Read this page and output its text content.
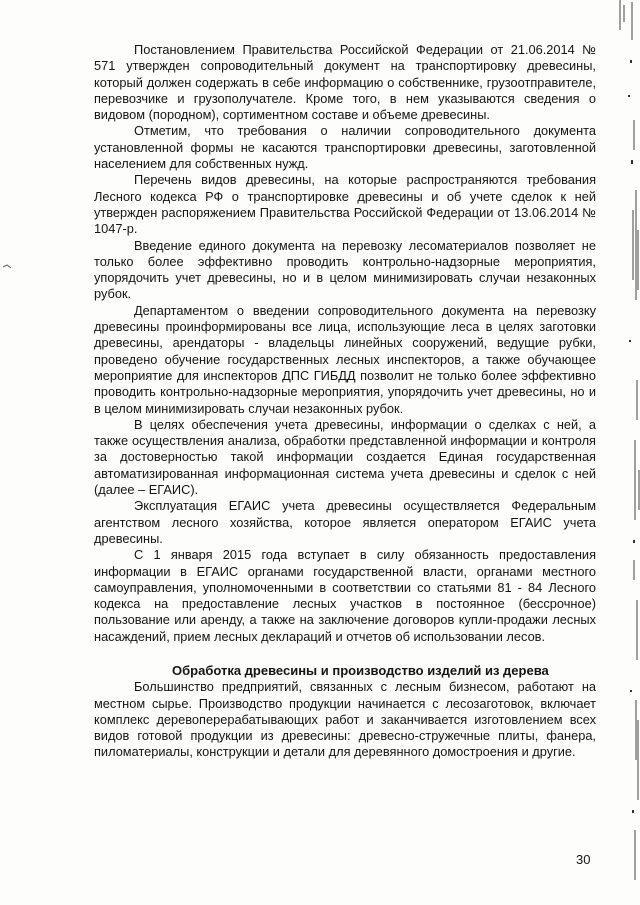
Постановлением Правительства Российской Федерации от 21.06.2014 № 571 утвержден сопроводительный документ на транспортировку древесины, который должен содержать в себе информацию о собственнике, грузоотправителе, перевозчике и грузополучателе. Кроме того, в нем указываются сведения о видовом (породном), сортиментном составе и объеме древесины.

Отметим, что требования о наличии сопроводительного документа установленной формы не касаются транспортировки древесины, заготовленной населением для собственных нужд.

Перечень видов древесины, на которые распространяются требования Лесного кодекса РФ о транспортировке древесины и об учете сделок к ней утвержден распоряжением Правительства Российской Федерации от 13.06.2014 № 1047-р.

Введение единого документа на перевозку лесоматериалов позволяет не только более эффективно проводить контрольно-надзорные мероприятия, упорядочить учет древесины, но и в целом минимизировать случаи незаконных рубок.

Департаментом о введении сопроводительного документа на перевозку древесины проинформированы все лица, использующие леса в целях заготовки древесины, арендаторы - владельцы линейных сооружений, ведущие рубки, проведено обучение государственных лесных инспекторов, а также обучающее мероприятие для инспекторов ДПС ГИБДД позволит не только более эффективно проводить контрольно-надзорные мероприятия, упорядочить учет древесины, но и в целом минимизировать случаи незаконных рубок.

В целях обеспечения учета древесины, информации о сделках с ней, а также осуществления анализа, обработки представленной информации и контроля за достоверностью такой информации создается Единая государственная автоматизированная информационная система учета древесины и сделок с ней (далее – ЕГАИС).

Эксплуатация ЕГАИС учета древесины осуществляется Федеральным агентством лесного хозяйства, которое является оператором ЕГАИС учета древесины.

С 1 января 2015 года вступает в силу обязанность предоставления информации в ЕГАИС органами государственной власти, органами местного самоуправления, уполномоченными в соответствии со статьями 81 - 84 Лесного кодекса на предоставление лесных участков в постоянное (бессрочное) пользование или аренду, а также на заключение договоров купли-продажи лесных насаждений, прием лесных деклараций и отчетов об использовании лесов.

Обработка древесины и производство изделий из дерева

Большинство предприятий, связанных с лесным бизнесом, работают на местном сырье. Производство продукции начинается с лесозаготовок, включает комплекс деревоперерабатывающих работ и заканчивается изготовлением всех видов готовой продукции из древесины: древесно-стружечные плиты, фанера, пиломатериалы, конструкции и детали для деревянного домостроения и другие.

30
